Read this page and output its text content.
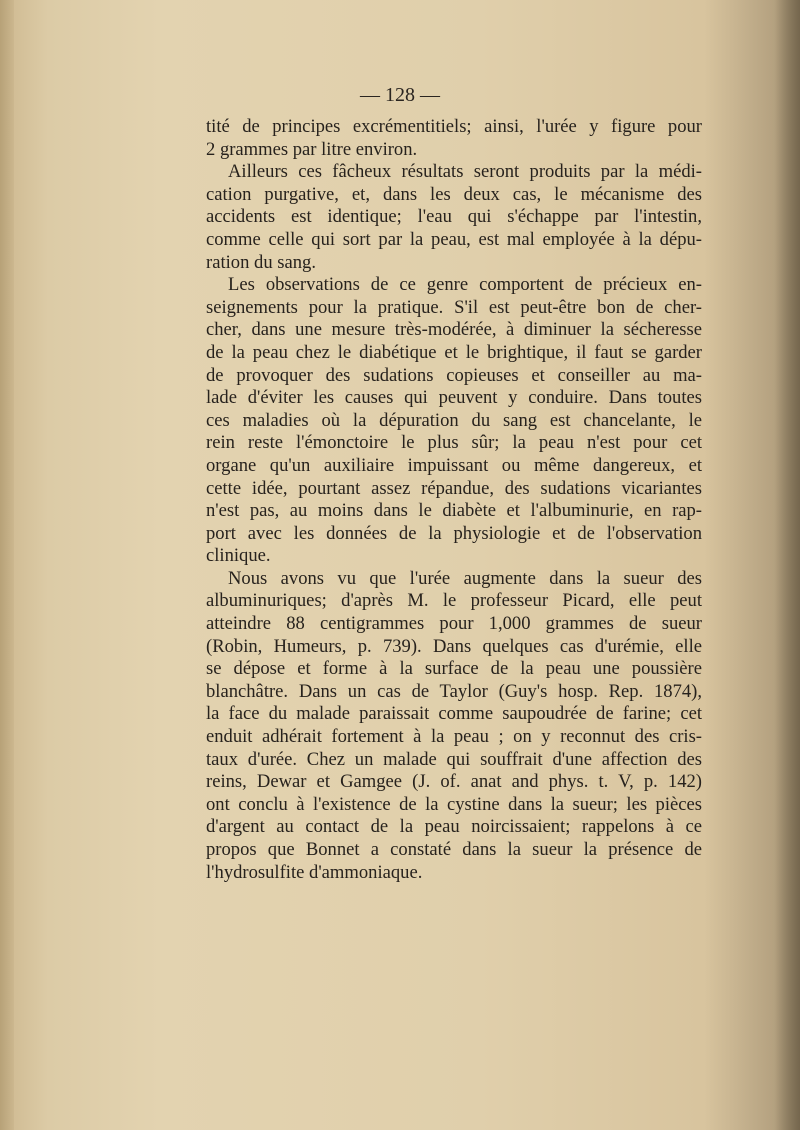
— 128 —
tité de principes excrémentitiels; ainsi, l'urée y figure pour
2 grammes par litre environ.
Ailleurs ces fâcheux résultats seront produits par la médi-
cation purgative, et, dans les deux cas, le mécanisme des
accidents est identique; l'eau qui s'échappe par l'intestin,
comme celle qui sort par la peau, est mal employée à la dépu-
ration du sang.
Les observations de ce genre comportent de précieux en-
seignements pour la pratique. S'il est peut-être bon de cher-
cher, dans une mesure très-modérée, à diminuer la sécheresse
de la peau chez le diabétique et le brightique, il faut se garder
de provoquer des sudations copieuses et conseiller au ma-
lade d'éviter les causes qui peuvent y conduire. Dans toutes
ces maladies où la dépuration du sang est chancelante, le
rein reste l'émonctoire le plus sûr; la peau n'est pour cet
organe qu'un auxiliaire impuissant ou même dangereux, et
cette idée, pourtant assez répandue, des sudations vicariantes
n'est pas, au moins dans le diabète et l'albuminurie, en rap-
port avec les données de la physiologie et de l'observation
clinique.
Nous avons vu que l'urée augmente dans la sueur des
albuminuriques; d'après M. le professeur Picard, elle peut
atteindre 88 centigrammes pour 1,000 grammes de sueur
(Robin, Humeurs, p. 739). Dans quelques cas d'urémie, elle
se dépose et forme à la surface de la peau une poussière
blanchâtre. Dans un cas de Taylor (Guy's hosp. Rep. 1874),
la face du malade paraissait comme saupoudrée de farine; cet
enduit adhérait fortement à la peau ; on y reconnut des cris-
taux d'urée. Chez un malade qui souffrait d'une affection des
reins, Dewar et Gamgee (J. of. anat and phys. t. V, p. 142)
ont conclu à l'existence de la cystine dans la sueur; les pièces
d'argent au contact de la peau noircissaient; rappelons à ce
propos que Bonnet a constaté dans la sueur la présence de
l'hydrosulfite d'ammoniaque.
